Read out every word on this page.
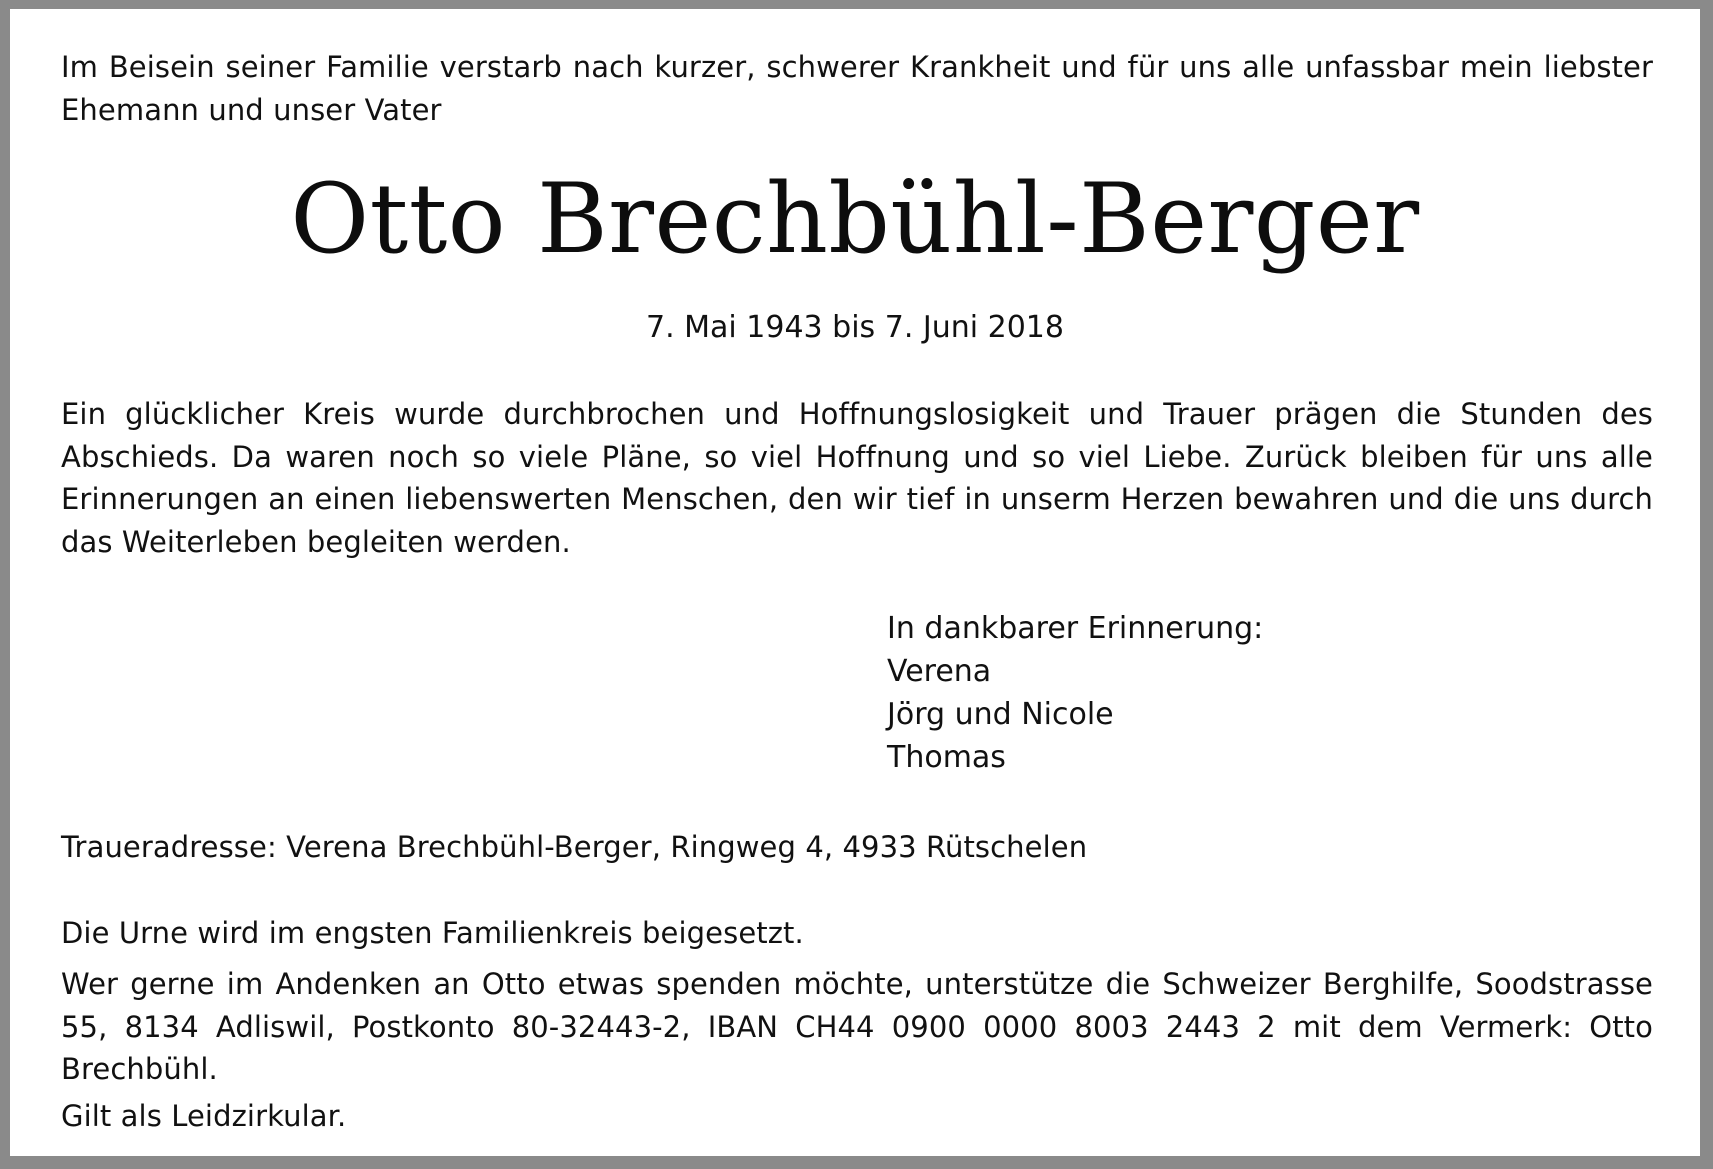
Im Beisein seiner Familie verstarb nach kurzer, schwerer Krankheit und für uns alle unfassbar mein liebster
Ehemann und unser Vater
Otto Brechbühl-Berger
7. Mai 1943 bis 7. Juni 2018
Ein glücklicher Kreis wurde durchbrochen und Hoffnungslosigkeit und Trauer prägen die Stunden des Abschieds. Da waren noch so viele Pläne, so viel Hoffnung und so viel Liebe. Zurück bleiben für uns alle Erinnerungen an einen liebenswerten Menschen, den wir tief in unserm Herzen bewahren und die uns durch das Weiterleben begleiten werden.
In dankbarer Erinnerung:
Verena
Jörg und Nicole
Thomas
Traueradresse: Verena Brechbühl-Berger, Ringweg 4, 4933 Rütschelen
Die Urne wird im engsten Familienkreis beigesetzt.
Wer gerne im Andenken an Otto etwas spenden möchte, unterstütze die Schweizer Berghilfe, Soodstrasse 55, 8134 Adliswil, Postkonto 80-32443-2, IBAN CH44 0900 0000 8003 2443 2 mit dem Vermerk: Otto Brechbühl.
Gilt als Leidzirkular.
